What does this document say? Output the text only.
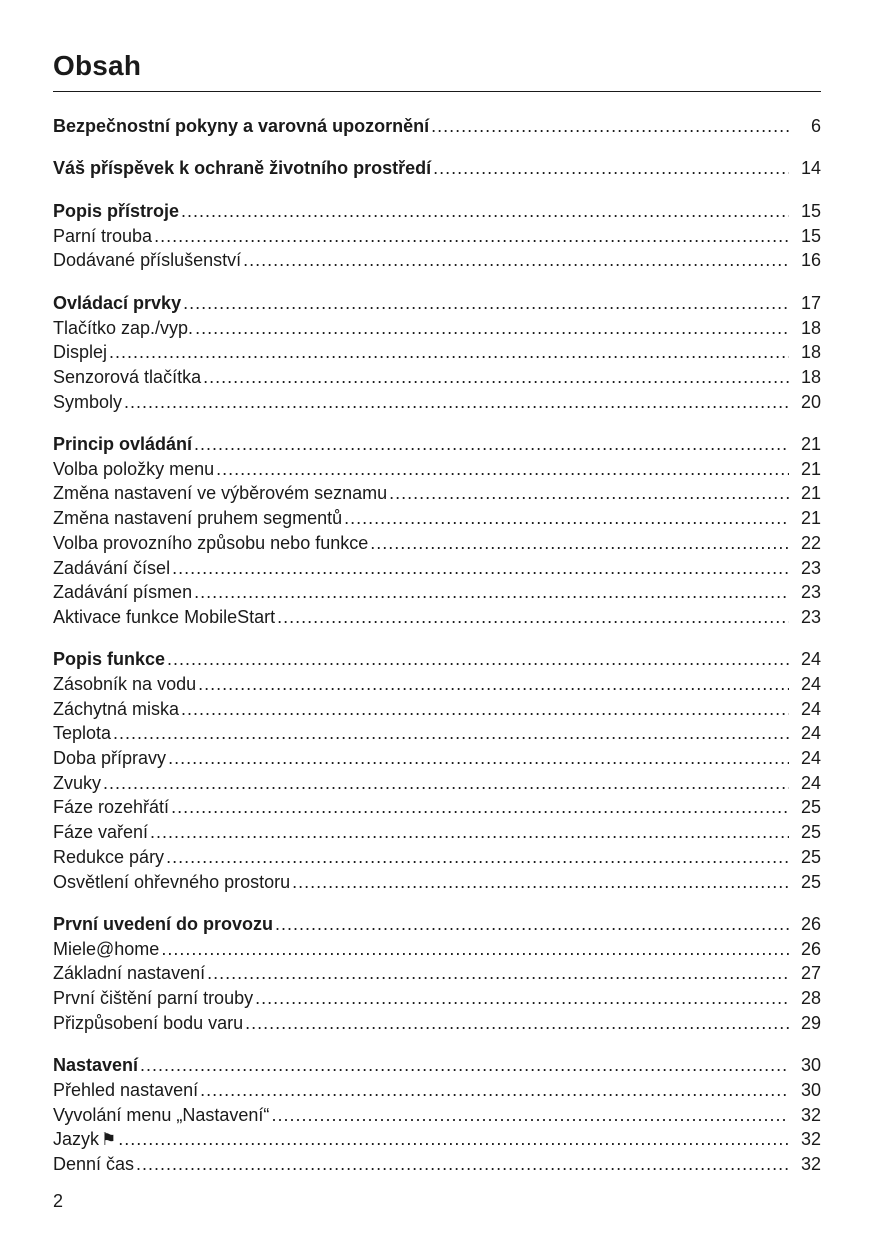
Obsah
Bezpečnostní pokyny a varovná upozornění .....	6
Váš příspěvek k ochraně životního prostředí .....	14
Popis přístroje .....	15
Parní trouba .....	15
Dodávané příslušenství .....	16
Ovládací prvky .....	17
Tlačítko zap./vyp. .....	18
Displej .....	18
Senzorová tlačítka .....	18
Symboly .....	20
Princip ovládání .....	21
Volba položky menu .....	21
Změna nastavení ve výběrovém seznamu .....	21
Změna nastavení pruhem segmentů .....	21
Volba provozního způsobu nebo funkce .....	22
Zadávání čísel .....	23
Zadávání písmen .....	23
Aktivace funkce MobileStart .....	23
Popis funkce .....	24
Zásobník na vodu .....	24
Záchytná miska .....	24
Teplota .....	24
Doba přípravy .....	24
Zvuky .....	24
Fáze rozehřátí .....	25
Fáze vaření .....	25
Redukce páry .....	25
Osvětlení ohřevného prostoru .....	25
První uvedení do provozu .....	26
Miele@home .....	26
Základní nastavení .....	27
První čištění parní trouby .....	28
Přizpůsobení bodu varu .....	29
Nastavení .....	30
Přehled nastavení .....	30
Vyvolání menu „Nastavení“ .....	32
Jazyk ⚑ .....	32
Denní čas .....	32
2
